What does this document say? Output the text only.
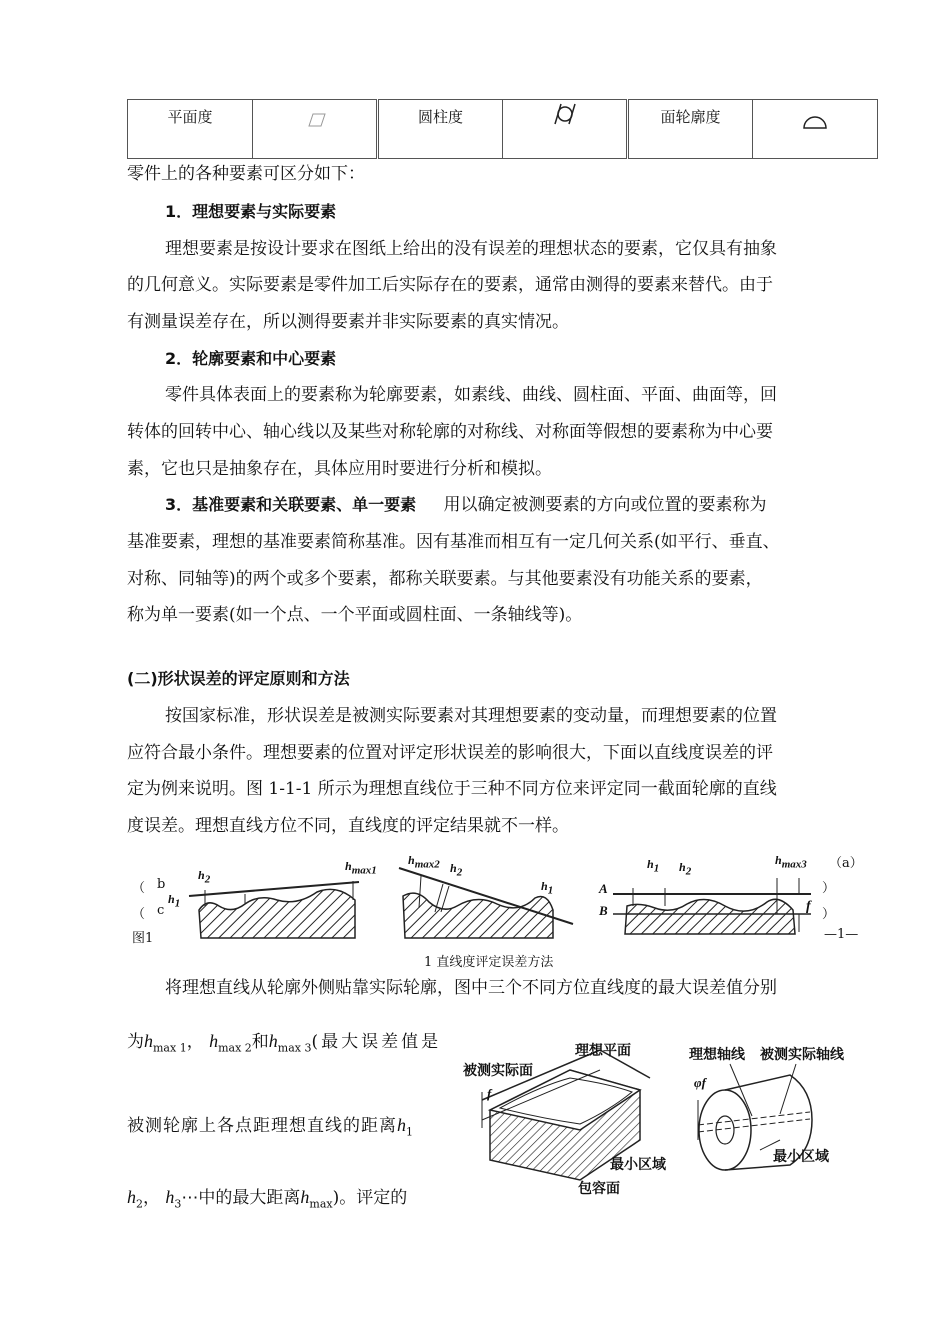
平面度		圆柱度		面轮廓度	
零件上的各种要素可区分如下：
1．理想要素与实际要素
理想要素是按设计要求在图纸上给出的没有误差的理想状态的要素，它仅具有抽象
的几何意义。实际要素是零件加工后实际存在的要素，通常由测得的要素来替代。由于
有测量误差存在，所以测得要素并非实际要素的真实情况。
2．轮廓要素和中心要素
零件具体表面上的要素称为轮廓要素，如素线、曲线、圆柱面、平面、曲面等，回
转体的回转中心、轴心线以及某些对称轮廓的对称线、对称面等假想的要素称为中心要
素，它也只是抽象存在，具体应用时要进行分析和模拟。
3．基准要素和关联要素、单一要素 用以确定被测要素的方向或位置的要素称为
基准要素，理想的基准要素简称基准。因有基准而相互有一定几何关系(如平行、垂直、
对称、同轴等)的两个或多个要素，都称关联要素。与其他要素没有功能关系的要素，
称为单一要素(如一个点、一个平面或圆柱面、一条轴线等)。
(二)形状误差的评定原则和方法
按国家标准，形状误差是被测实际要素对其理想要素的变动量，而理想要素的位置
应符合最小条件。理想要素的位置对评定形状误差的影响很大，下面以直线度误差的评
定为例来说明。图 1-1-1 所示为理想直线位于三种不同方位来评定同一截面轮廓的直线
度误差。理想直线方位不同，直线度的评定结果就不一样。
$h_2$
$h_1$
$h_{max1}$
$h_{max2}$ $h_2$
$h_1$
$h_1$ $h_2$
$h_{max3}$
A
B	f
（a）
）
）
（ b
（ c
图1	—1—
1 直线度评定误差方法
将理想直线从轮廓外侧贴靠实际轮廓，图中三个不同方位直线度的最大误差值分别
为$h_{max 1}$， $h_{max 2}$和$h_{max 3}$(最大误差值是
被测轮廓上各点距理想直线的距离$h_1$
$h_2$， $h_3\cdots$中的最大距离$h_{max}$)。评定的
理想平面
被测实际面
f
最小区域
包容面
理想轴线 被测实际轴线
φf
最小区域
